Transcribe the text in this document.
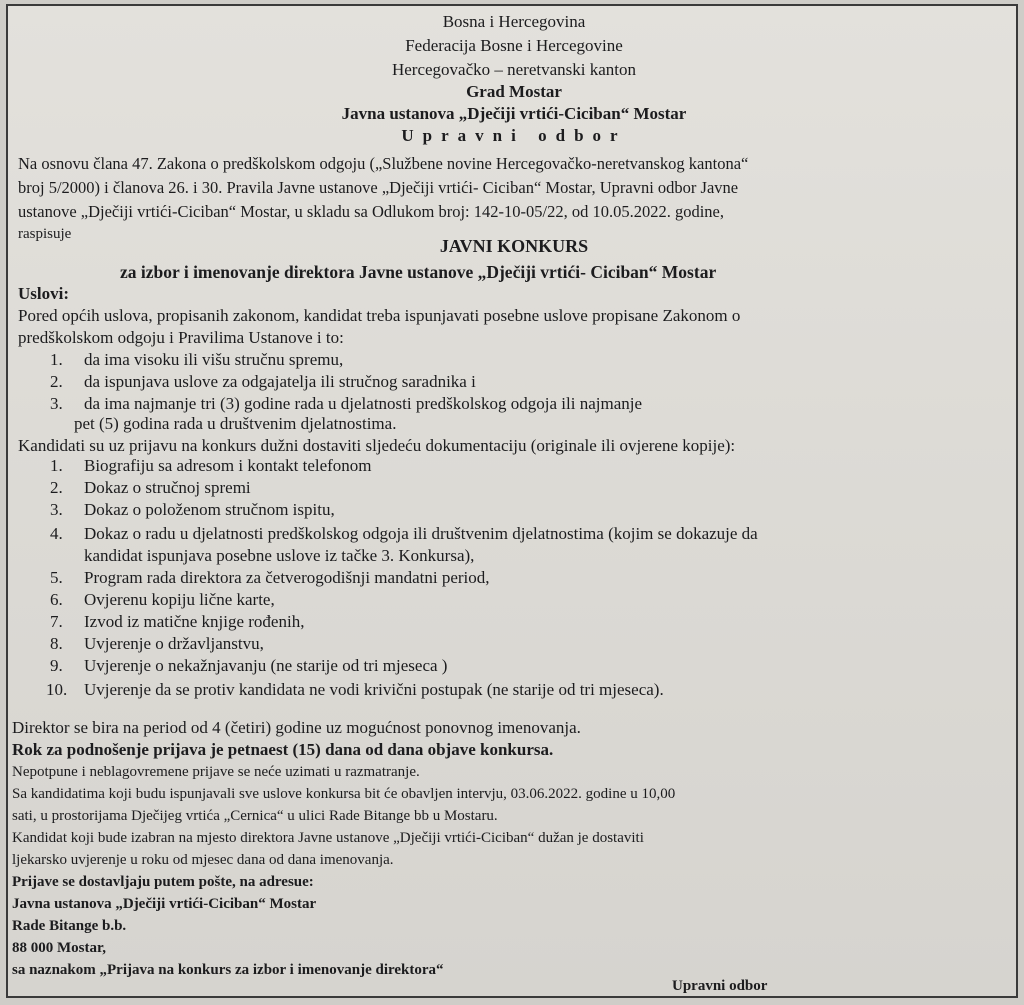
Bosna i Hercegovina
Federacija Bosne i Hercegovine
Hercegovačko – neretvanski kanton
Grad Mostar
Javna ustanova „Dječiji vrtići-Ciciban“ Mostar
Upravni odbor
Na osnovu člana 47. Zakona o predškolskom odgoju („Službene novine Hercegovačko-neretvanskog kantona“
broj 5/2000) i članova 26. i 30. Pravila Javne ustanove „Dječiji vrtići- Ciciban“ Mostar, Upravni odbor Javne
ustanove „Dječiji vrtići-Ciciban“ Mostar, u skladu sa Odlukom broj: 142-10-05/22, od 10.05.2022. godine,
raspisuje
JAVNI KONKURS
za izbor i imenovanje direktora Javne ustanove „Dječiji vrtići- Ciciban“ Mostar
Uslovi:
Pored općih uslova, propisanih zakonom, kandidat treba ispunjavati posebne uslove propisane Zakonom o
predškolskom odgoju i Pravilima Ustanove i to:
1. da ima visoku ili višu stručnu spremu,
2. da ispunjava uslove za odgajatelja ili stručnog saradnika i
3. da ima najmanje tri (3) godine rada u djelatnosti predškolskog odgoja ili najmanje
pet (5) godina rada u društvenim djelatnostima.
Kandidati su uz prijavu na konkurs dužni dostaviti sljedeću dokumentaciju (originale ili ovjerene kopije):
1. Biografiju sa adresom i kontakt telefonom
2. Dokaz o stručnoj spremi
3. Dokaz o položenom stručnom ispitu,
4. Dokaz o radu u djelatnosti predškolskog odgoja ili društvenim djelatnostima (kojim se dokazuje da
kandidat ispunjava posebne uslove iz tačke 3. Konkursa),
5. Program rada direktora za četverogodišnji mandatni period,
6. Ovjerenu kopiju lične karte,
7. Izvod iz matične knjige rođenih,
8. Uvjerenje o državljanstvu,
9. Uvjerenje o nekažnjavanju (ne starije od tri mjeseca )
10. Uvjerenje da se protiv kandidata ne vodi krivični postupak (ne starije od tri mjeseca).
Direktor se bira na period od 4 (četiri) godine uz mogućnost ponovnog imenovanja.
Rok za podnošenje prijava je petnaest (15) dana od dana objave konkursa.
Nepotpune i neblagovremene prijave se neće uzimati u razmatranje.
Sa kandidatima koji budu ispunjavali sve uslove konkursa bit će obavljen intervju, 03.06.2022. godine u 10,00
sati, u prostorijama Dječijeg vrtića „Cernica“ u ulici Rade Bitange bb u Mostaru.
Kandidat koji bude izabran na mjesto direktora Javne ustanove „Dječiji vrtići-Ciciban“ dužan je dostaviti
ljekarsko uvjerenje u roku od mjesec dana od dana imenovanja.
Prijave se dostavljaju putem pošte, na adresue:
Javna ustanova „Dječiji vrtići-Ciciban“ Mostar
Rade Bitange b.b.
88 000 Mostar,
sa naznakom „Prijava na konkurs za izbor i imenovanje direktora“
Upravni odbor
